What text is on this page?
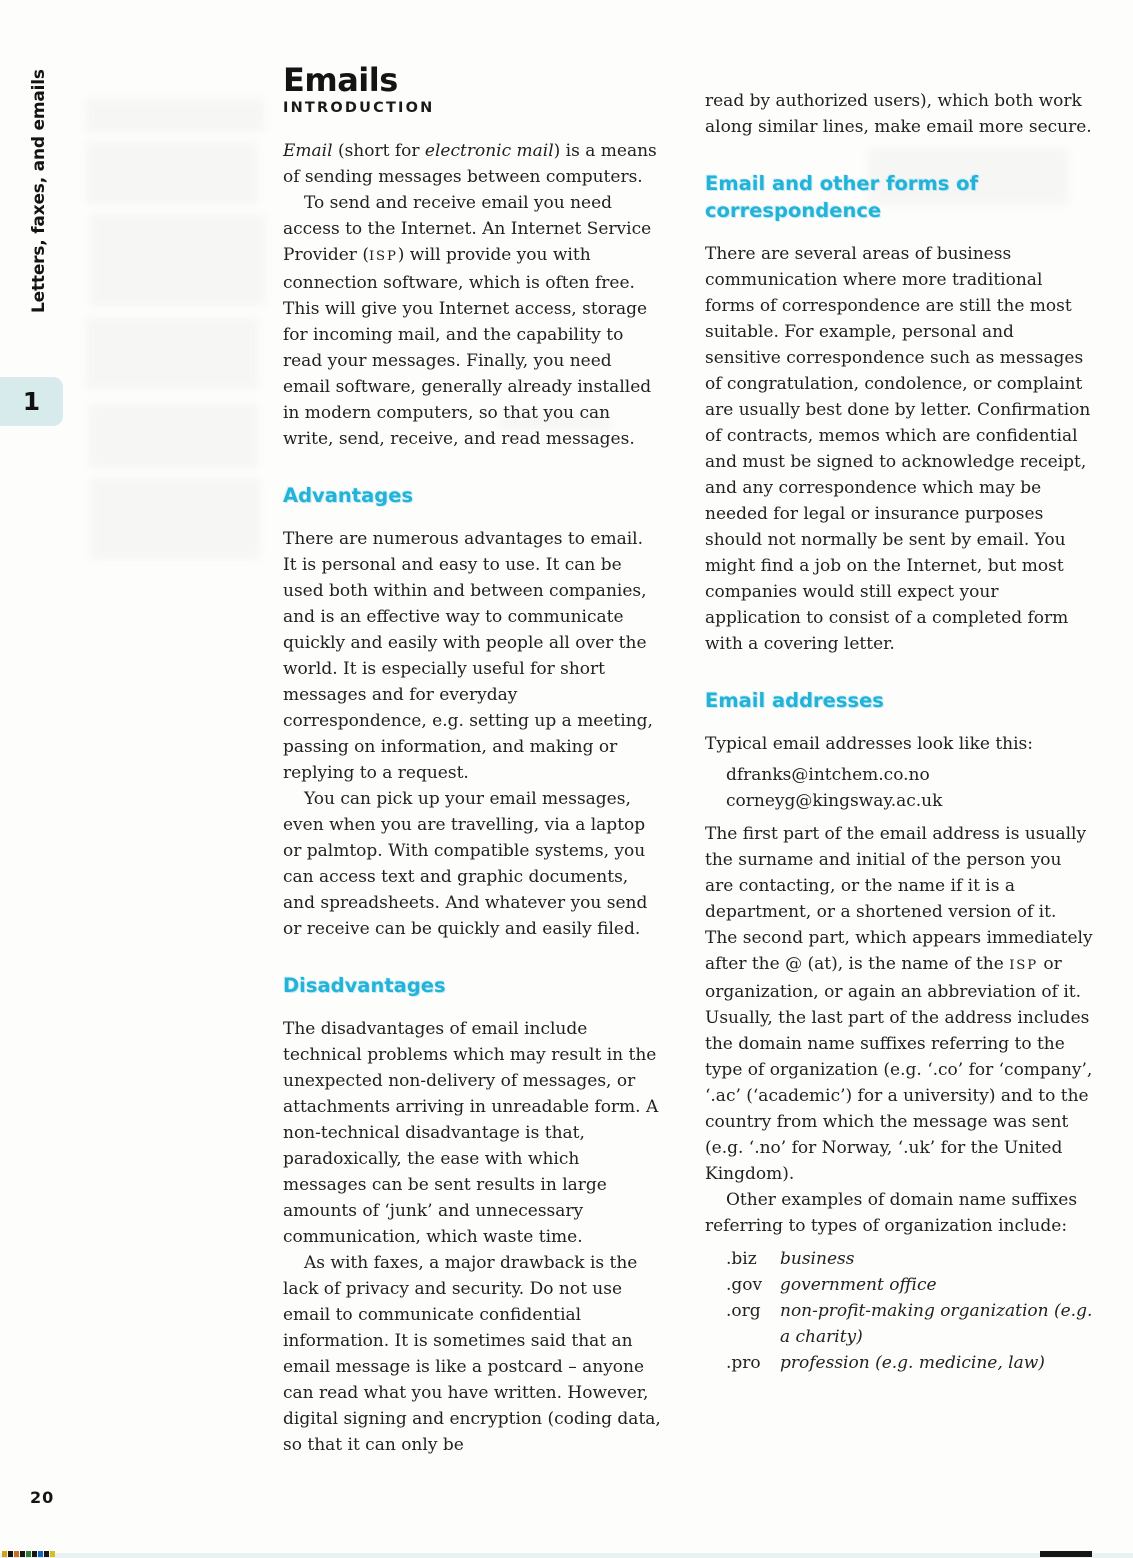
Letters, faxes, and emails
1
Emails
INTRODUCTION

Email (short for electronic mail) is a means of sending messages between computers.

To send and receive email you need access to the Internet. An Internet Service Provider (ISP) will provide you with connection software, which is often free. This will give you Internet access, storage for incoming mail, and the capability to read your messages. Finally, you need email software, generally already installed in modern computers, so that you can write, send, receive, and read messages.

Advantages

There are numerous advantages to email. It is personal and easy to use. It can be used both within and between companies, and is an effective way to communicate quickly and easily with people all over the world. It is especially useful for short messages and for everyday correspondence, e.g. setting up a meeting, passing on information, and making or replying to a request.

You can pick up your email messages, even when you are travelling, via a laptop or palmtop. With compatible systems, you can access text and graphic documents, and spreadsheets. And whatever you send or receive can be quickly and easily filed.

Disadvantages

The disadvantages of email include technical problems which may result in the unexpected non-delivery of messages, or attachments arriving in unreadable form. A non-technical disadvantage is that, paradoxically, the ease with which messages can be sent results in large amounts of ‘junk’ and unnecessary communication, which waste time.

As with faxes, a major drawback is the lack of privacy and security. Do not use email to communicate confidential information. It is sometimes said that an email message is like a postcard – anyone can read what you have written. However, digital signing and encryption (coding data, so that it can only be

read by authorized users), which both work along similar lines, make email more secure.

Email and other forms of correspondence

There are several areas of business communication where more traditional forms of correspondence are still the most suitable. For example, personal and sensitive correspondence such as messages of congratulation, condolence, or complaint are usually best done by letter. Confirmation of contracts, memos which are confidential and must be signed to acknowledge receipt, and any correspondence which may be needed for legal or insurance purposes should not normally be sent by email. You might find a job on the Internet, but most companies would still expect your application to consist of a completed form with a covering letter.

Email addresses

Typical email addresses look like this:

dfranks@intchem.co.no
corneyg@kingsway.ac.uk

The first part of the email address is usually the surname and initial of the person you are contacting, or the name if it is a department, or a shortened version of it. The second part, which appears immediately after the @ (at), is the name of the ISP or organization, or again an abbreviation of it. Usually, the last part of the address includes the domain name suffixes referring to the type of organization (e.g. ‘.co’ for ‘company’, ‘.ac’ (‘academic’) for a university) and to the country from which the message was sent (e.g. ‘.no’ for Norway, ‘.uk’ for the United Kingdom).

Other examples of domain name suffixes referring to types of organization include:

.biz	business
.gov	government office
.org	non-profit-making organization (e.g. a charity)
.pro	profession (e.g. medicine, law)
20
